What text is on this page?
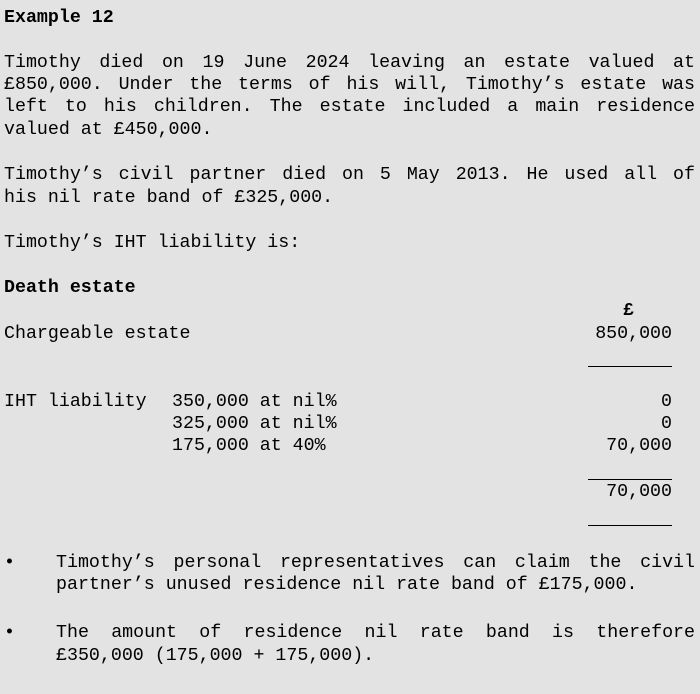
Example 12
Timothy died on 19 June 2024 leaving an estate valued at
£850,000. Under the terms of his will, Timothy’s estate was
left to his children. The estate included a main residence
valued at £450,000.
Timothy’s civil partner died on 5 May 2013. He used all of
his nil rate band of £325,000.
Timothy’s IHT liability is:
Death estate
£
Chargeable estate	850,000
IHT liability 350,000 at nil%	0
325,000 at nil%	0
175,000 at 40%	70,000
70,000
• Timothy’s personal representatives can claim the civil
partner’s unused residence nil rate band of £175,000.
• The amount of residence nil rate band is therefore
£350,000 (175,000 + 175,000).
